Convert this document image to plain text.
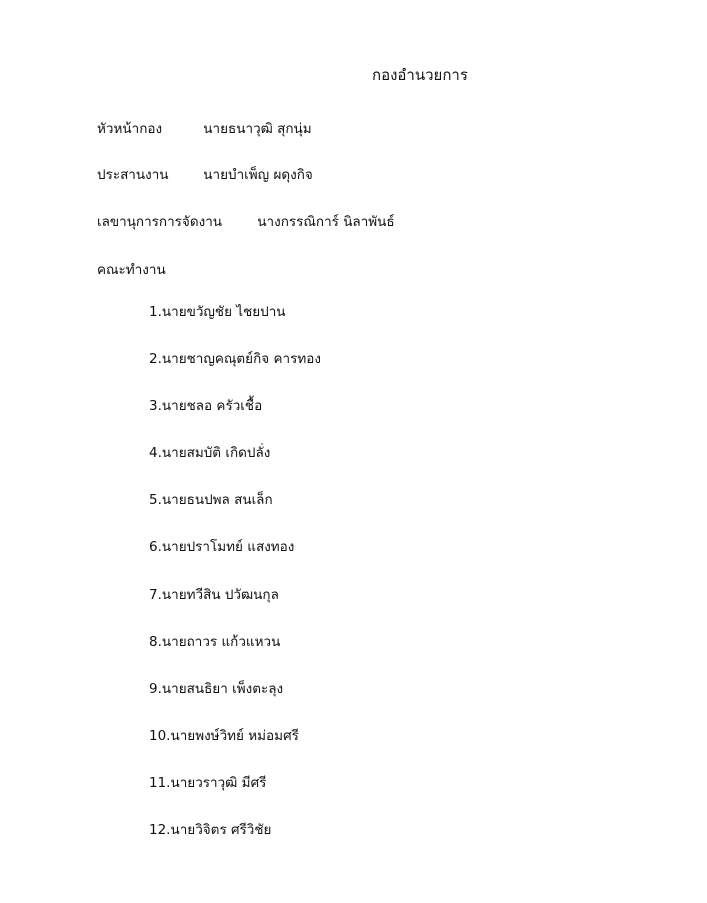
กองอำนวยการ
หัวหน้ากอง	นายธนาวุฒิ สุกนุ่ม
ประสานงาน	นายบำเพ็ญ ผดุงกิจ
เลขานุการการจัดงาน	นางกรรณิการ์ นิลาพันธ์
คณะทำงาน
1.นายขวัญชัย ไชยปาน
2.นายชาญคณุตย์กิจ คารทอง
3.นายชลอ ครัวเชื้อ
4.นายสมบัติ เกิดปลั่ง
5.นายธนปพล สนเล็ก
6.นายปราโมทย์ แสงทอง
7.นายทวีสิน ปวัฒนกุล
8.นายถาวร แก้วแหวน
9.นายสนธิยา เพ็งตะลุง
10.นายพงษ์วิทย์ หม่อมศรี
11.นายวราวุฒิ มีศรี
12.นายวิจิตร ศรีวิชัย
